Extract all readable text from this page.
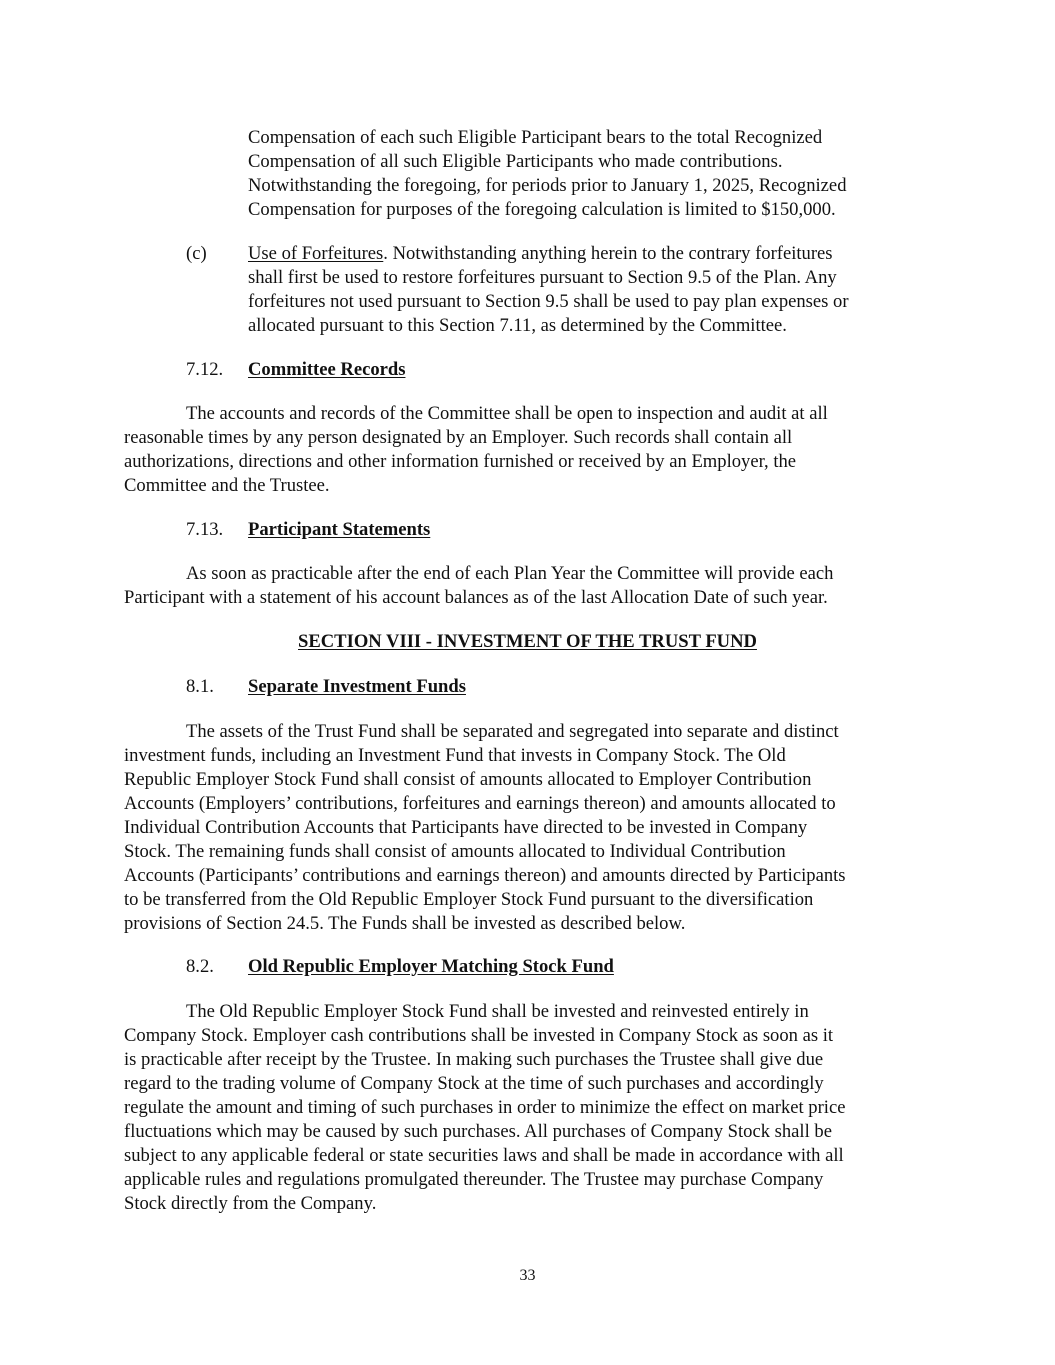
Compensation of each such Eligible Participant bears to the total Recognized
Compensation of all such Eligible Participants who made contributions.
Notwithstanding the foregoing, for periods prior to January 1, 2025, Recognized
Compensation for purposes of the foregoing calculation is limited to $150,000.
(c) Use of Forfeitures. Notwithstanding anything herein to the contrary forfeitures
shall first be used to restore forfeitures pursuant to Section 9.5 of the Plan. Any
forfeitures not used pursuant to Section 9.5 shall be used to pay plan expenses or
allocated pursuant to this Section 7.11, as determined by the Committee.
7.12. Committee Records
The accounts and records of the Committee shall be open to inspection and audit at all
reasonable times by any person designated by an Employer. Such records shall contain all
authorizations, directions and other information furnished or received by an Employer, the
Committee and the Trustee.
7.13. Participant Statements
As soon as practicable after the end of each Plan Year the Committee will provide each
Participant with a statement of his account balances as of the last Allocation Date of such year.
SECTION VIII - INVESTMENT OF THE TRUST FUND
8.1. Separate Investment Funds
The assets of the Trust Fund shall be separated and segregated into separate and distinct
investment funds, including an Investment Fund that invests in Company Stock. The Old
Republic Employer Stock Fund shall consist of amounts allocated to Employer Contribution
Accounts (Employers’ contributions, forfeitures and earnings thereon) and amounts allocated to
Individual Contribution Accounts that Participants have directed to be invested in Company
Stock. The remaining funds shall consist of amounts allocated to Individual Contribution
Accounts (Participants’ contributions and earnings thereon) and amounts directed by Participants
to be transferred from the Old Republic Employer Stock Fund pursuant to the diversification
provisions of Section 24.5. The Funds shall be invested as described below.
8.2. Old Republic Employer Matching Stock Fund
The Old Republic Employer Stock Fund shall be invested and reinvested entirely in
Company Stock. Employer cash contributions shall be invested in Company Stock as soon as it
is practicable after receipt by the Trustee. In making such purchases the Trustee shall give due
regard to the trading volume of Company Stock at the time of such purchases and accordingly
regulate the amount and timing of such purchases in order to minimize the effect on market price
fluctuations which may be caused by such purchases. All purchases of Company Stock shall be
subject to any applicable federal or state securities laws and shall be made in accordance with all
applicable rules and regulations promulgated thereunder. The Trustee may purchase Company
Stock directly from the Company.
33
